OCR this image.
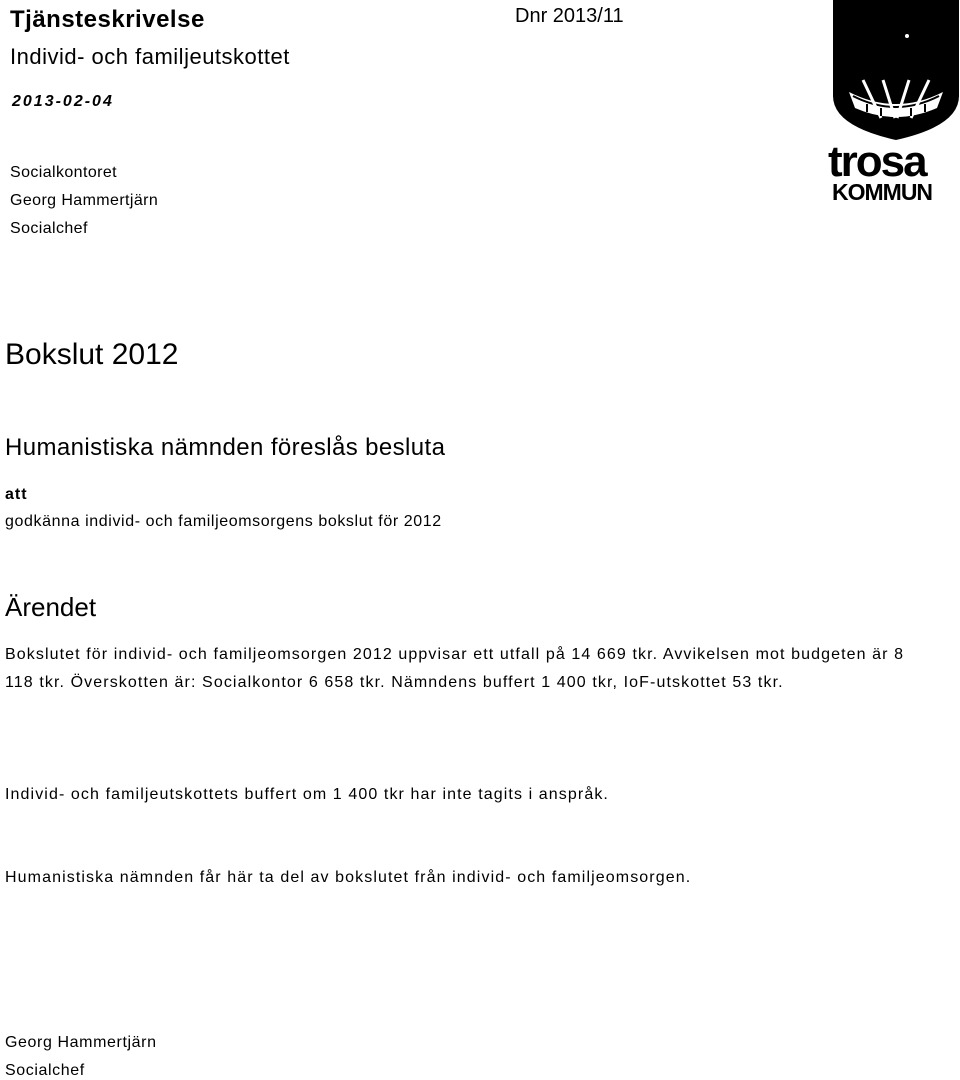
Tjänsteskrivelse
Individ- och familjeutskottet
2013-02-04
Dnr 2013/11
trosa
KOMMUN
Socialkontoret
Georg Hammertjärn
Socialchef
Bokslut 2012
Humanistiska nämnden föreslås besluta
att
godkänna individ- och familjeomsorgens bokslut för 2012
Ärendet
Bokslutet för individ- och familjeomsorgen 2012 uppvisar ett utfall på 14 669 tkr. Avvikelsen mot budgeten är 8 118 tkr. Överskotten är: Socialkontor 6 658 tkr. Nämndens buffert 1 400 tkr, IoF-utskottet 53 tkr.
Individ- och familjeutskottets buffert om 1 400 tkr har inte tagits i anspråk.
Humanistiska nämnden får här ta del av bokslutet från individ- och familjeomsorgen.
Georg Hammertjärn
Socialchef
